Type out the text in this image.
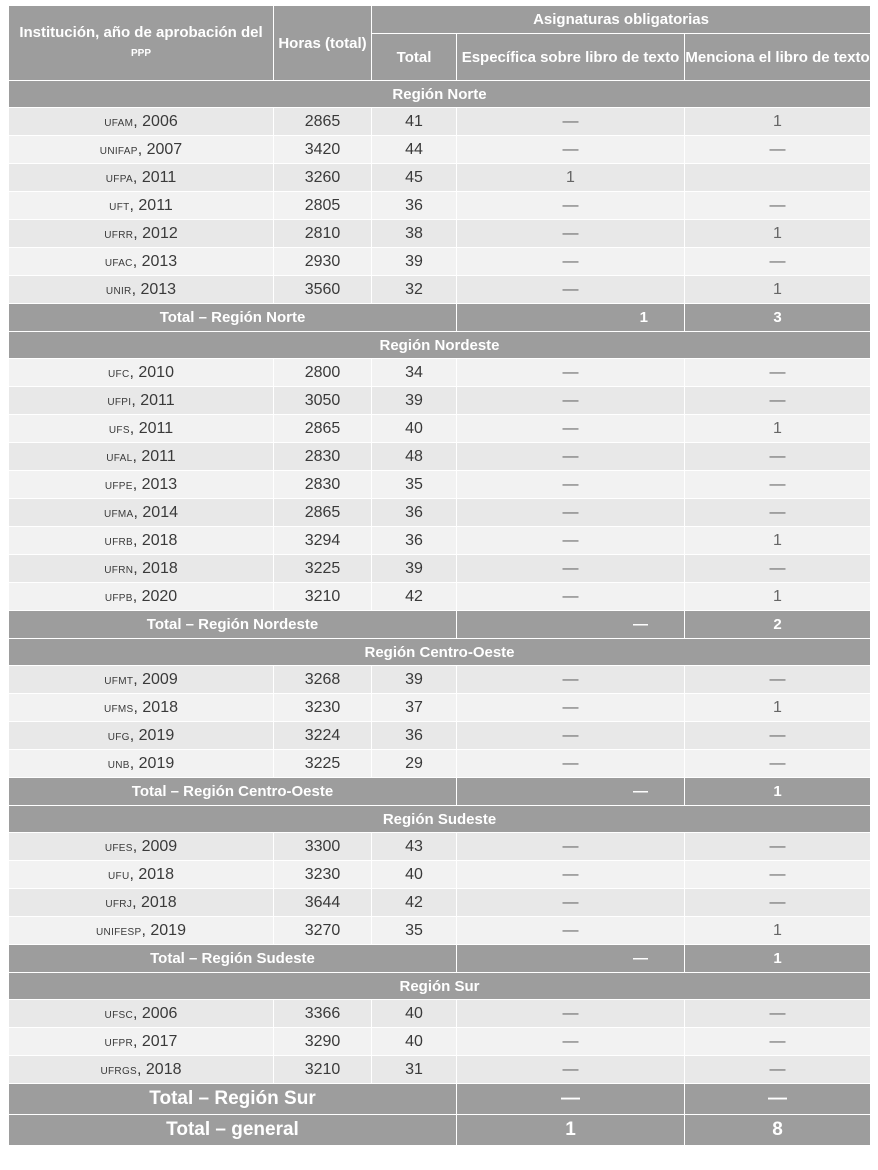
Institución, año de aprobación del PPP	Horas (total)	Asignaturas obligatorias		
		Total	Específica sobre libro de texto	Menciona el libro de texto
Región Norte				
UFAM, 2006	2865	41	—	1
UNIFAP, 2007	3420	44	—	—
UFPA, 2011	3260	45	1	
UFT, 2011	2805	36	—	—
UFRR, 2012	2810	38	—	1
UFAC, 2013	2930	39	—	—
UNIR, 2013	3560	32	—	1
Total – Región Norte			1	3
Región Nordeste				
UFC, 2010	2800	34	—	—
UFPI, 2011	3050	39	—	—
UFS, 2011	2865	40	—	1
UFAL, 2011	2830	48	—	—
UFPE, 2013	2830	35	—	—
UFMA, 2014	2865	36	—	—
UFRB, 2018	3294	36	—	1
UFRN, 2018	3225	39	—	—
UFPB, 2020	3210	42	—	1
Total – Región Nordeste			—	2
Región Centro-Oeste				
UFMT, 2009	3268	39	—	—
UFMS, 2018	3230	37	—	1
UFG, 2019	3224	36	—	—
UNB, 2019	3225	29	—	—
Total – Región Centro-Oeste			—	1
Región Sudeste				
UFES, 2009	3300	43	—	—
UFU, 2018	3230	40	—	—
UFRJ, 2018	3644	42	—	—
UNIFESP, 2019	3270	35	—	1
Total – Región Sudeste			—	1
Región Sur				
UFSC, 2006	3366	40	—	—
UFPR, 2017	3290	40	—	—
UFRGS, 2018	3210	31	—	—
Total – Región Sur			—	—
Total – general			1	8
